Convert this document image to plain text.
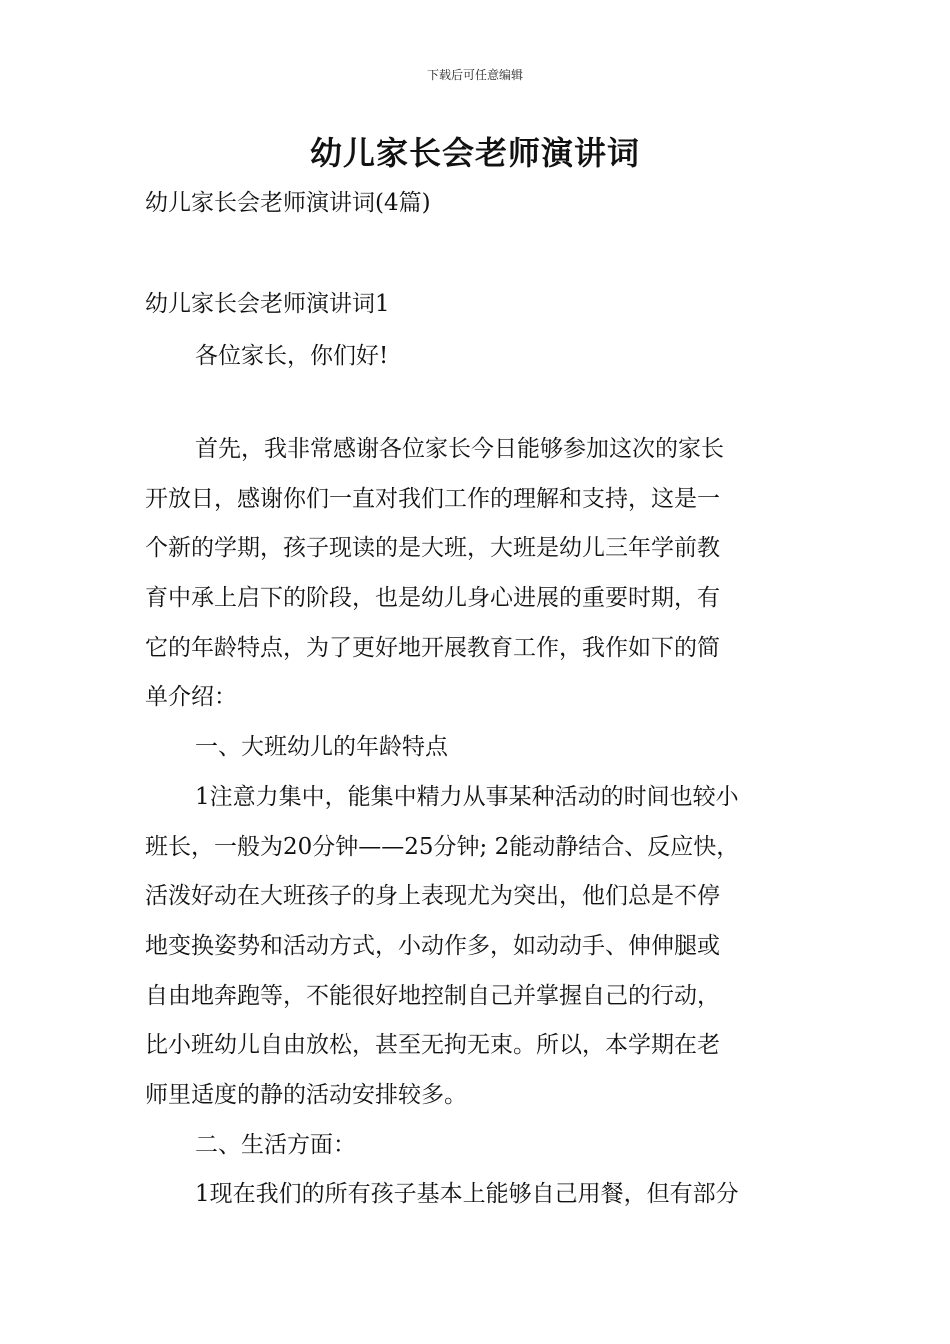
下载后可任意编辑
幼儿家长会老师演讲词
幼儿家长会老师演讲词(4篇)
幼儿家长会老师演讲词1
各位家长，你们好!
首先，我非常感谢各位家长今日能够参加这次的家长
开放日，感谢你们一直对我们工作的理解和支持，这是一
个新的学期，孩子现读的是大班，大班是幼儿三年学前教
育中承上启下的阶段，也是幼儿身心进展的重要时期，有
它的年龄特点，为了更好地开展教育工作，我作如下的简
单介绍：
一、大班幼儿的年龄特点
1注意力集中，能集中精力从事某种活动的时间也较小
班长，一般为20分钟——25分钟; 2能动静结合、反应快，
活泼好动在大班孩子的身上表现尤为突出，他们总是不停
地变换姿势和活动方式，小动作多，如动动手、伸伸腿或
自由地奔跑等，不能很好地控制自己并掌握自己的行动，
比小班幼儿自由放松，甚至无拘无束。所以，本学期在老
师里适度的静的活动安排较多。
二、生活方面：
1现在我们的所有孩子基本上能够自己用餐，但有部分
